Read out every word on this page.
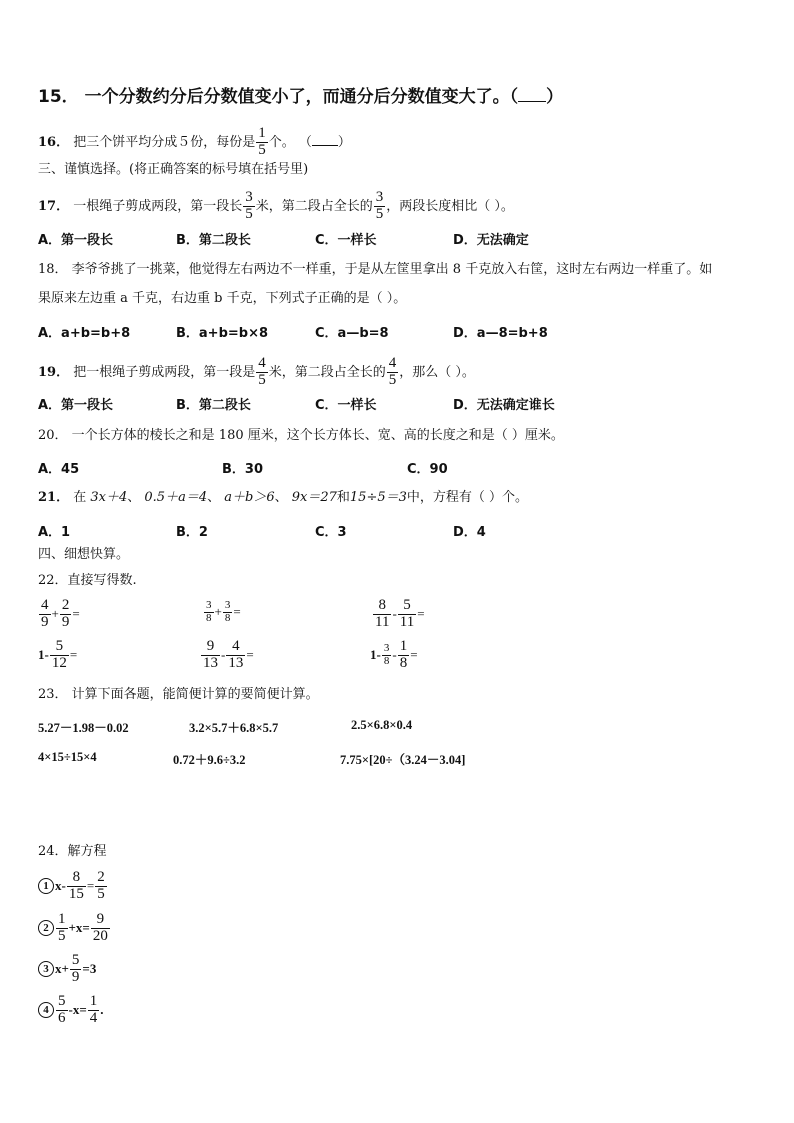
15． 一个分数约分后分数值变小了，而通分后分数值变大了。（ ）
16． 把三个饼平均分成５份，每份是 $\frac{1}{5}$ 个。 （ ）
三、谨慎选择。(将正确答案的标号填在括号里)
17． 一根绳子剪成两段，第一段长 $\frac{3}{5}$ 米，第二段占全长的 $\frac{3}{5}$ ，两段长度相比（ ）。
A．第一段长	B．第二段长	C．一样长	D．无法确定
18． 李爷爷挑了一挑菜，他觉得左右两边不一样重，于是从左筐里拿出 8 千克放入右筐，这时左右两边一样重了。如
果原来左边重 a 千克，右边重 b 千克，下列式子正确的是（ ）。
A．a+b=b+8	B．a+b=b×8	C．a—b=8	D．a—8=b+8
19． 把一根绳子剪成两段，第一段是 $\frac{4}{5}$ 米，第二段占全长的 $\frac{4}{5}$ ，那么（ ）。
A．第一段长	B．第二段长	C．一样长	D．无法确定谁长
20． 一个长方体的棱长之和是 180 厘米，这个长方体长、宽、高的长度之和是（ ）厘米。
A．45	B．30	C．90
21． 在 3x＋4、 0.5＋a＝4、 a＋b＞6、 9x＝27和15÷5＝3中，方程有（ ）个。
A．1	B．2	C．3	D．4
四、细想快算。
22．直接写得数.
$\frac{4}{9} + \frac{2}{9}$ =	$\frac{3}{8} + \frac{3}{8}$ =	$\frac{8}{11} - \frac{5}{11}$ =
$1- \frac{5}{12}$ =	$\frac{9}{13} - \frac{4}{13}$ =	$1- \frac{3}{8} - \frac{1}{8}$ =
23． 计算下面各题，能简便计算的要简便计算。
5.27－1.98－0.02	3.2×5.7＋6.8×5.7	2.5×6.8×0.4
4×15÷15×4	0.72＋9.6÷3.2	7.75×[20÷（3.24－3.04]
24．解方程
1 $x- \frac{8}{15} = \frac{2}{5}$
$2 \frac{1}{5} +x= \frac{9}{20}$
3 $x+ \frac{5}{9} =3$
$4 \frac{5}{6} -x= \frac{1}{4}$ .
